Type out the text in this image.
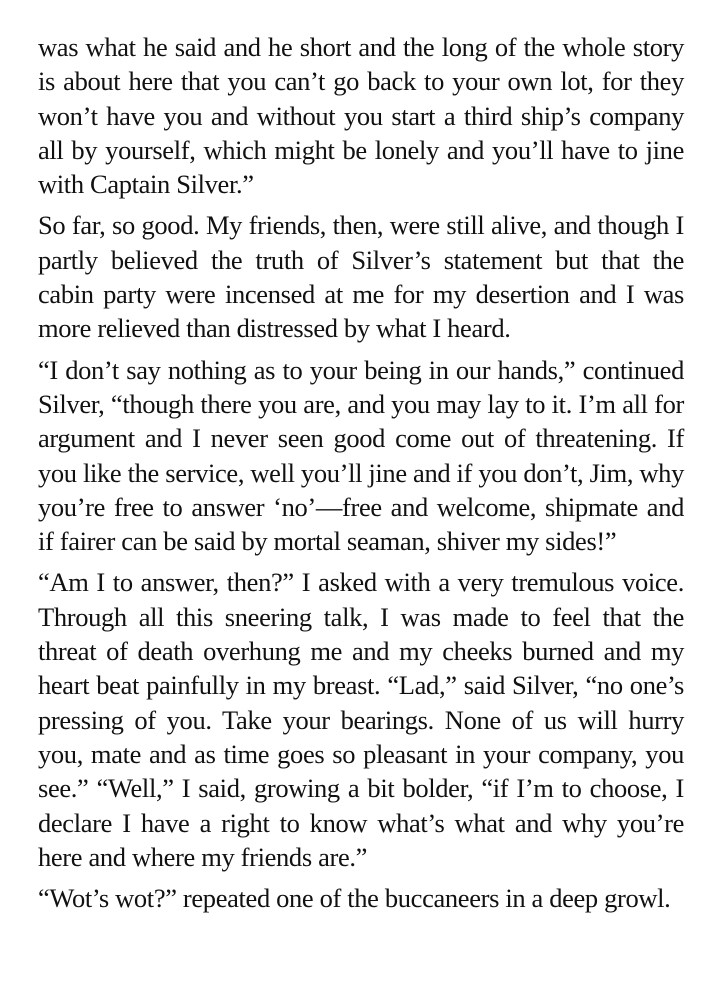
was what he said and he short and the long of the whole story is about here that you can’t go back to your own lot, for they won’t have you and without you start a third ship’s company all by yourself, which might be lonely and you’ll have to jine with Captain Silver.”

So far, so good. My friends, then, were still alive, and though I partly believed the truth of Silver’s statement but that the cabin party were incensed at me for my desertion and I was more relieved than distressed by what I heard.

“I don’t say nothing as to your being in our hands,” continued Silver, “though there you are, and you may lay to it. I’m all for argument and I never seen good come out of threatening. If you like the service, well you’ll jine and if you don’t, Jim, why you’re free to answer ‘no’—free and welcome, shipmate and if fairer can be said by mortal seaman, shiver my sides!”

“Am I to answer, then?” I asked with a very tremulous voice. Through all this sneering talk, I was made to feel that the threat of death overhung me and my cheeks burned and my heart beat painfully in my breast. “Lad,” said Silver, “no one’s pressing of you. Take your bearings. None of us will hurry you, mate and as time goes so pleasant in your company, you see.” “Well,” I said, growing a bit bolder, “if I’m to choose, I declare I have a right to know what’s what and why you’re here and where my friends are.”

“Wot’s wot?” repeated one of the buccaneers in a deep growl.
